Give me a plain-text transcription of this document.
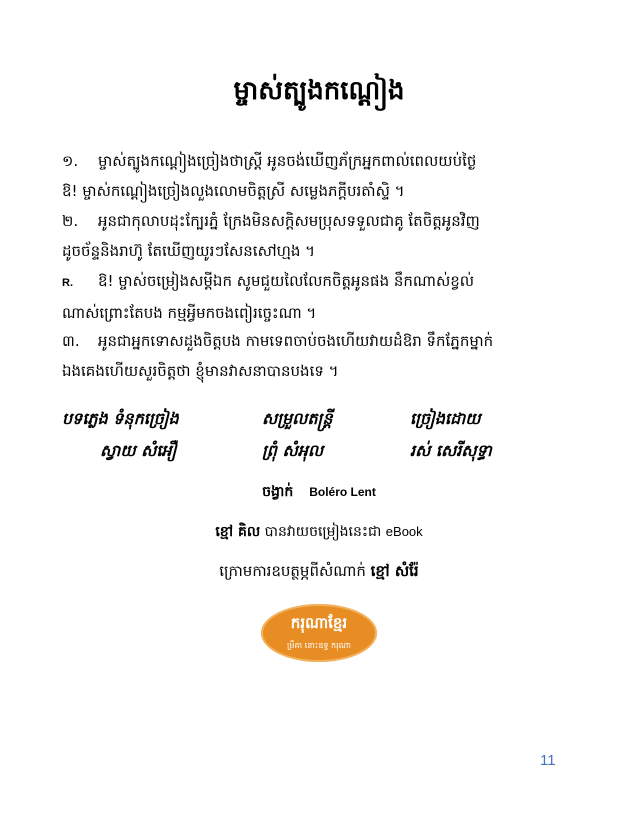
ម្ចាស់ត្បូងកណ្ដៀង
១. ម្ចាស់ត្បូងកណ្ដៀងច្រៀងថាស្ត្រី អូនចង់ឃើញភ័ក្រអ្នកពាល់ពេលយប់ថ្ងៃ
ឱ! ម្ចាស់កណ្ដៀងច្រៀងលួងលោមចិត្តស្រី សម្លេងភក្ដីបរតាំស្ទិ ។
២. អូនជាកុលាបដុះក្បែរភ្នំ ក្រែងមិនសក្តិសមប្រុសទទួលជាគូ តែចិត្តអូនវិញ
ដូចច័ន្ទនិងរាហ៊ូ តែឃើញយូរៗសែនសៅហ្មង ។
R. ឱ! ម្ចាស់ចម្រៀងសម្ដីឯក សូមជួយលៃលែកចិត្តអូនផង នឹកណាស់ខ្វល់
ណាស់ព្រោះតែបង កម្មអ្វីមកចងពៀរច្ចេះណា ។
៣. អូនជាអ្នកទោសដួងចិត្តបង កាមទេពចាប់ចងហើយវាយដំឱរា ទឹកភ្នែកម្នាក់
ឯងគេងហើយសួរចិត្តថា ខ្ញុំមានវាសនាបានបងទេ ។
បទភ្លេង ទំនុកច្រៀង
ស្វាយ សំអឿ
សម្រួលតន្ត្រី
ព្រុំ សំអុល
ច្រៀងដោយ
រស់ សេរីសុទ្ធា
ចង្វាក់ Boléro Lent
ខ្មៅ គិល បានវាយចម្រៀងនេះជា eBook
ក្រោមការឧបត្ថម្ភពីសំណាក់ ខ្មៅ សំរ៉ែ
ករុណាខ្មែរ
ម្រឹគា នោះឧទ្ធ ករុណា
11
